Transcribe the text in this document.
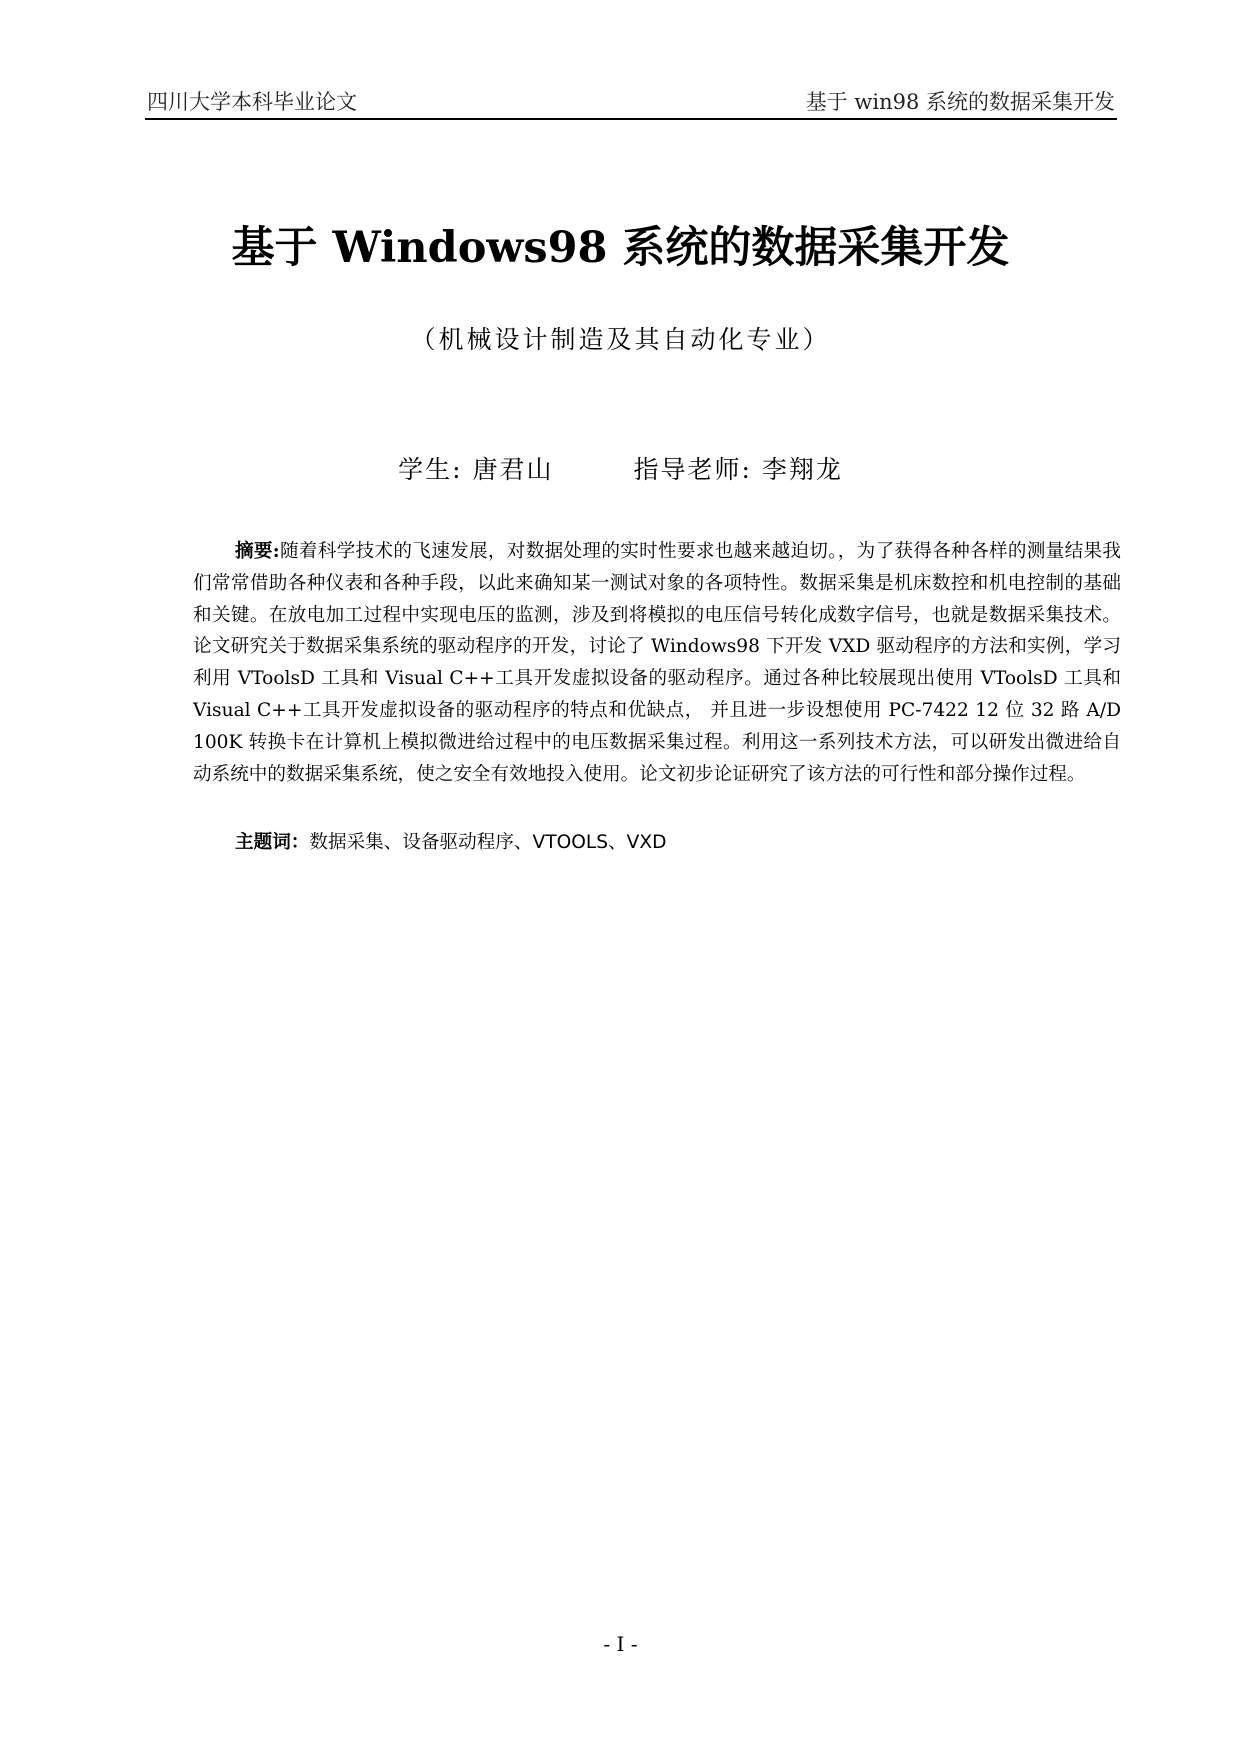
四川大学本科毕业论文	基于 win98 系统的数据采集开发
基于 Windows98 系统的数据采集开发
（机械设计制造及其自动化专业）
学生: 唐君山	指导老师: 李翔龙

摘要:随着科学技术的飞速发展，对数据处理的实时性要求也越来越迫切。，为了获得各种各样的测量结果我们常常借助各种仪表和各种手段，以此来确知某一测试对象的各项特性。数据采集是机床数控和机电控制的基础和关键。在放电加工过程中实现电压的监测，涉及到将模拟的电压信号转化成数字信号，也就是数据采集技术。论文研究关于数据采集系统的驱动程序的开发，讨论了 Windows98 下开发 VXD 驱动程序的方法和实例，学习利用 VToolsD 工具和 Visual C++工具开发虚拟设备的驱动程序。通过各种比较展现出使用 VToolsD 工具和 Visual C++工具开发虚拟设备的驱动程序的特点和优缺点， 并且进一步设想使用 PC-7422 12 位 32 路 A/D 100K 转换卡在计算机上模拟微进给过程中的电压数据采集过程。利用这一系列技术方法，可以研发出微进给自动系统中的数据采集系统，使之安全有效地投入使用。论文初步论证研究了该方法的可行性和部分操作过程。

主题词：数据采集、设备驱动程序、VTOOLS、VXD

- I -
